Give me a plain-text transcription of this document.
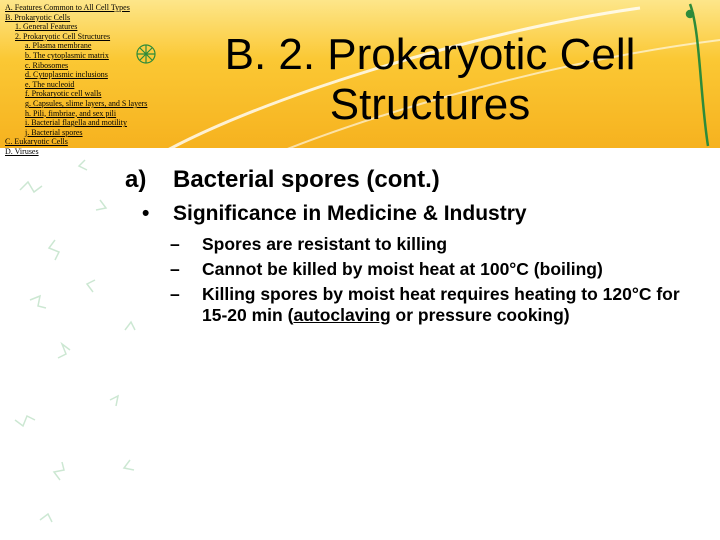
B. 2. Prokaryotic Cell Structures
A. Features Common to All Cell Types
B. Prokaryotic Cells
1. General Features
2. Prokaryotic Cell Structures
a. Plasma membrane
b. The cytoplasmic matrix
c. Ribosomes
d. Cytoplasmic inclusions
e. The nucleoid
f. Prokaryotic cell walls
g. Capsules, slime layers, and S layers
h. Pili, fimbriae, and sex pili
i. Bacterial flagella and motility
j. Bacterial spores
C. Eukaryotic Cells
D. Viruses
a) Bacterial spores (cont.)
• Significance in Medicine & Industry
–	Spores are resistant to killing
–	Cannot be killed by moist heat at 100°C (boiling)
–	Killing spores by moist heat requires heating to 120°C for 15-20 min (autoclaving or pressure cooking)
